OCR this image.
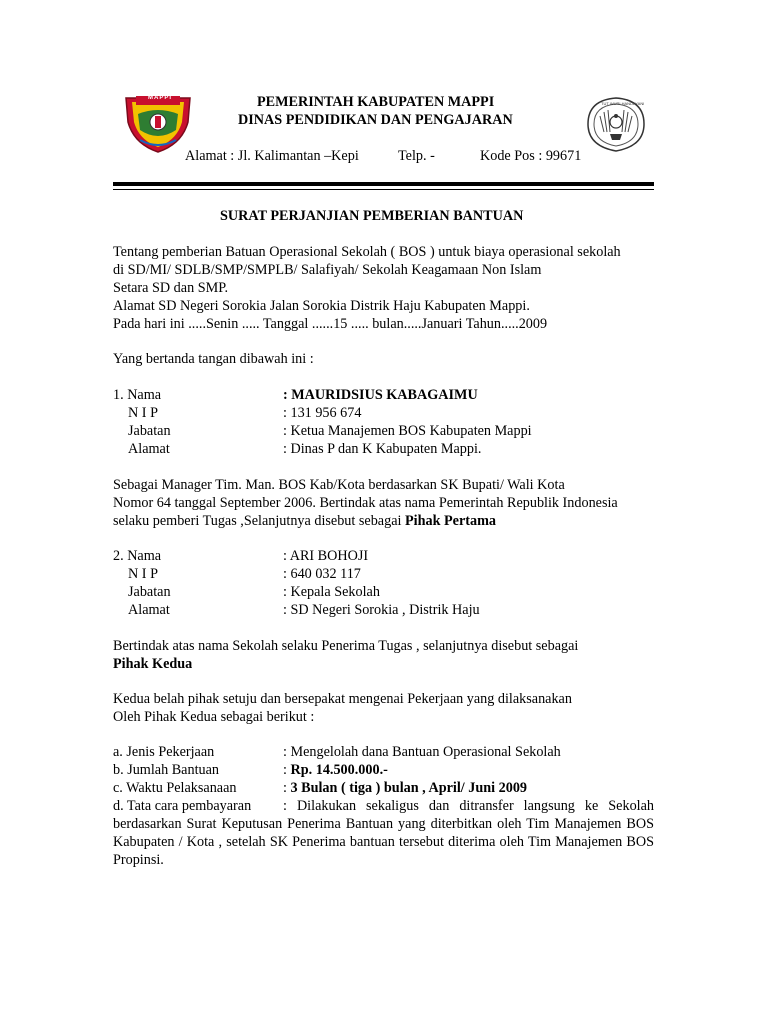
MAPPI
TUT WURI HANDAYANI
PEMERINTAH KABUPATEN MAPPI
DINAS PENDIDIKAN DAN PENGAJARAN
Alamat : Jl. Kalimantan –Kepi	Telp. -	Kode Pos : 99671
SURAT PERJANJIAN PEMBERIAN BANTUAN
Tentang pemberian Batuan Operasional Sekolah ( BOS ) untuk biaya operasional sekolah
di SD/MI/ SDLB/SMP/SMPLB/ Salafiyah/ Sekolah Keagamaan Non Islam
Setara SD dan SMP.
Alamat SD Negeri Sorokia Jalan Sorokia Distrik Haju Kabupaten Mappi.
Pada hari ini .....Senin ..... Tanggal ......15 ..... bulan.....Januari Tahun.....2009
Yang bertanda tangan dibawah ini :
1. Nama	: MAURIDSIUS KABAGAIMU
N I P	: 131 956 674
Jabatan	: Ketua Manajemen BOS Kabupaten Mappi
Alamat	: Dinas P dan K Kabupaten Mappi.
Sebagai Manager Tim. Man. BOS Kab/Kota berdasarkan SK Bupati/ Wali Kota
Nomor 64 tanggal September 2006. Bertindak atas nama Pemerintah Republik Indonesia
selaku pemberi Tugas ,Selanjutnya disebut sebagai Pihak Pertama
2. Nama	: ARI BOHOJI
N I P	: 640 032 117
Jabatan	: Kepala Sekolah
Alamat	: SD Negeri Sorokia , Distrik Haju
Bertindak atas nama Sekolah selaku Penerima Tugas , selanjutnya disebut sebagai
Pihak Kedua
Kedua belah pihak setuju dan bersepakat mengenai Pekerjaan yang dilaksanakan
Oleh Pihak Kedua sebagai berikut :
a. Jenis Pekerjaan	: Mengelolah dana Bantuan Operasional Sekolah
b. Jumlah Bantuan	: Rp. 14.500.000.-
c. Waktu Pelaksanaan	: 3 Bulan ( tiga ) bulan , April/ Juni 2009
d. Tata cara pembayaran : Dilakukan sekaligus dan ditransfer langsung ke Sekolah berdasarkan Surat Keputusan Penerima Bantuan yang diterbitkan oleh Tim Manajemen BOS Kabupaten / Kota , setelah SK Penerima bantuan tersebut diterima oleh Tim Manajemen BOS Propinsi.
